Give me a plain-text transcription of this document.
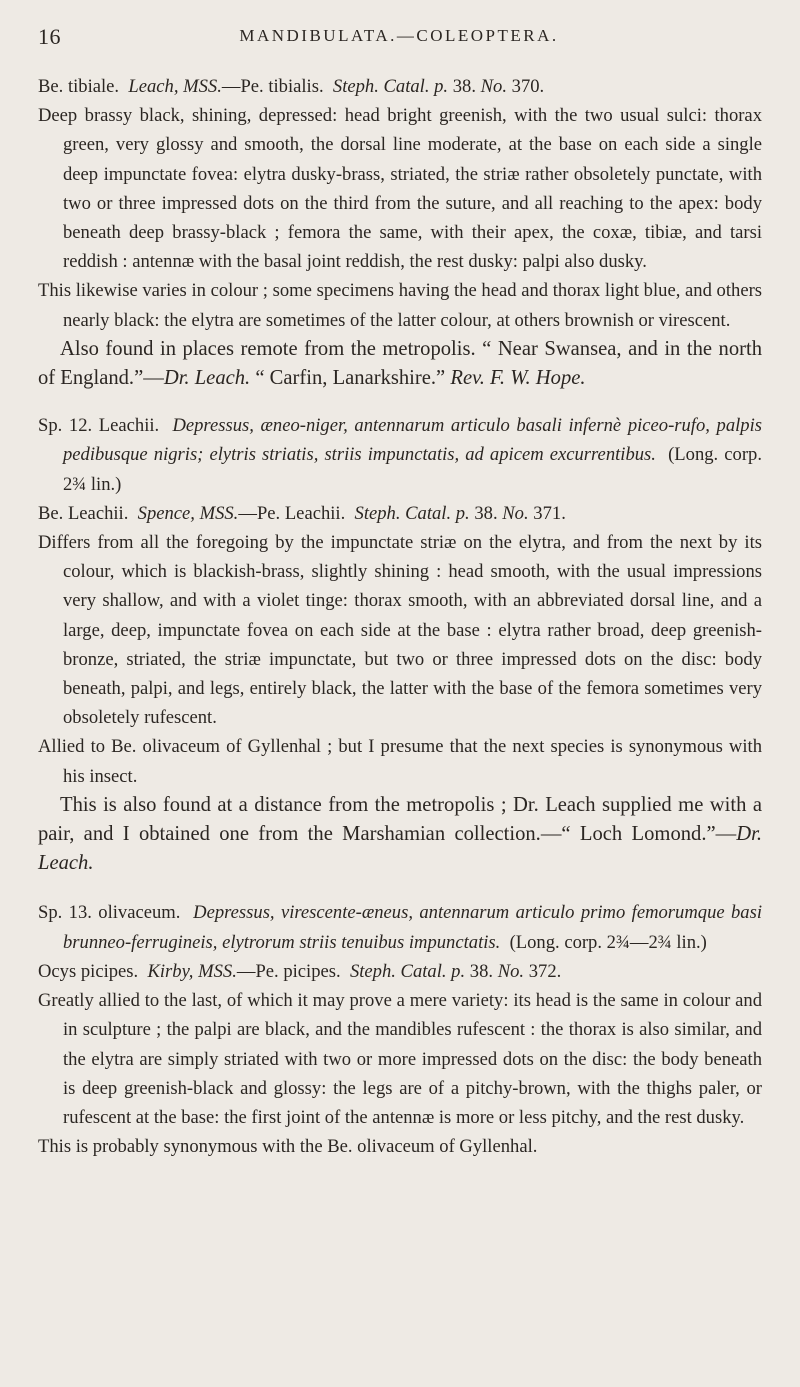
16	MANDIBULATA.—COLEOPTERA.

Be. tibiale. Leach, MSS.—Pe. tibialis. Steph. Catal. p. 38. No. 370.

Deep brassy black, shining, depressed: head bright greenish, with the two usual sulci: thorax green, very glossy and smooth, the dorsal line moderate, at the base on each side a single deep impunctate fovea: elytra dusky-brass, striated, the striæ rather obsoletely punctate, with two or three impressed dots on the third from the suture, and all reaching to the apex: body beneath deep brassy-black ; femora the same, with their apex, the coxæ, tibiæ, and tarsi reddish : antennæ with the basal joint reddish, the rest dusky: palpi also dusky.

This likewise varies in colour ; some specimens having the head and thorax light blue, and others nearly black: the elytra are sometimes of the latter colour, at others brownish or virescent.

Also found in places remote from the metropolis. “ Near Swansea, and in the north of England.”—Dr. Leach. “ Carfin, Lanarkshire.” Rev. F. W. Hope.

Sp. 12. Leachii. Depressus, æneo-niger, antennarum articulo basali infernè piceo-rufo, palpis pedibusque nigris; elytris striatis, striis impunctatis, ad apicem excurrentibus. (Long. corp. 2¾ lin.)

Be. Leachii. Spence, MSS.—Pe. Leachii. Steph. Catal. p. 38. No. 371.

Differs from all the foregoing by the impunctate striæ on the elytra, and from the next by its colour, which is blackish-brass, slightly shining : head smooth, with the usual impressions very shallow, and with a violet tinge: thorax smooth, with an abbreviated dorsal line, and a large, deep, impunctate fovea on each side at the base : elytra rather broad, deep greenish-bronze, striated, the striæ impunctate, but two or three impressed dots on the disc: body beneath, palpi, and legs, entirely black, the latter with the base of the femora sometimes very obsoletely rufescent.

Allied to Be. olivaceum of Gyllenhal ; but I presume that the next species is synonymous with his insect.

This is also found at a distance from the metropolis ; Dr. Leach supplied me with a pair, and I obtained one from the Marshamian collection.—“ Loch Lomond.”—Dr. Leach.

Sp. 13. olivaceum. Depressus, virescente-æneus, antennarum articulo primo femorumque basi brunneo-ferrugineis, elytrorum striis tenuibus impunctatis. (Long. corp. 2¾—2¾ lin.)

Ocys picipes. Kirby, MSS.—Pe. picipes. Steph. Catal. p. 38. No. 372.

Greatly allied to the last, of which it may prove a mere variety: its head is the same in colour and in sculpture ; the palpi are black, and the mandibles rufescent : the thorax is also similar, and the elytra are simply striated with two or more impressed dots on the disc: the body beneath is deep greenish-black and glossy: the legs are of a pitchy-brown, with the thighs paler, or rufescent at the base: the first joint of the antennæ is more or less pitchy, and the rest dusky.

This is probably synonymous with the Be. olivaceum of Gyllenhal.
